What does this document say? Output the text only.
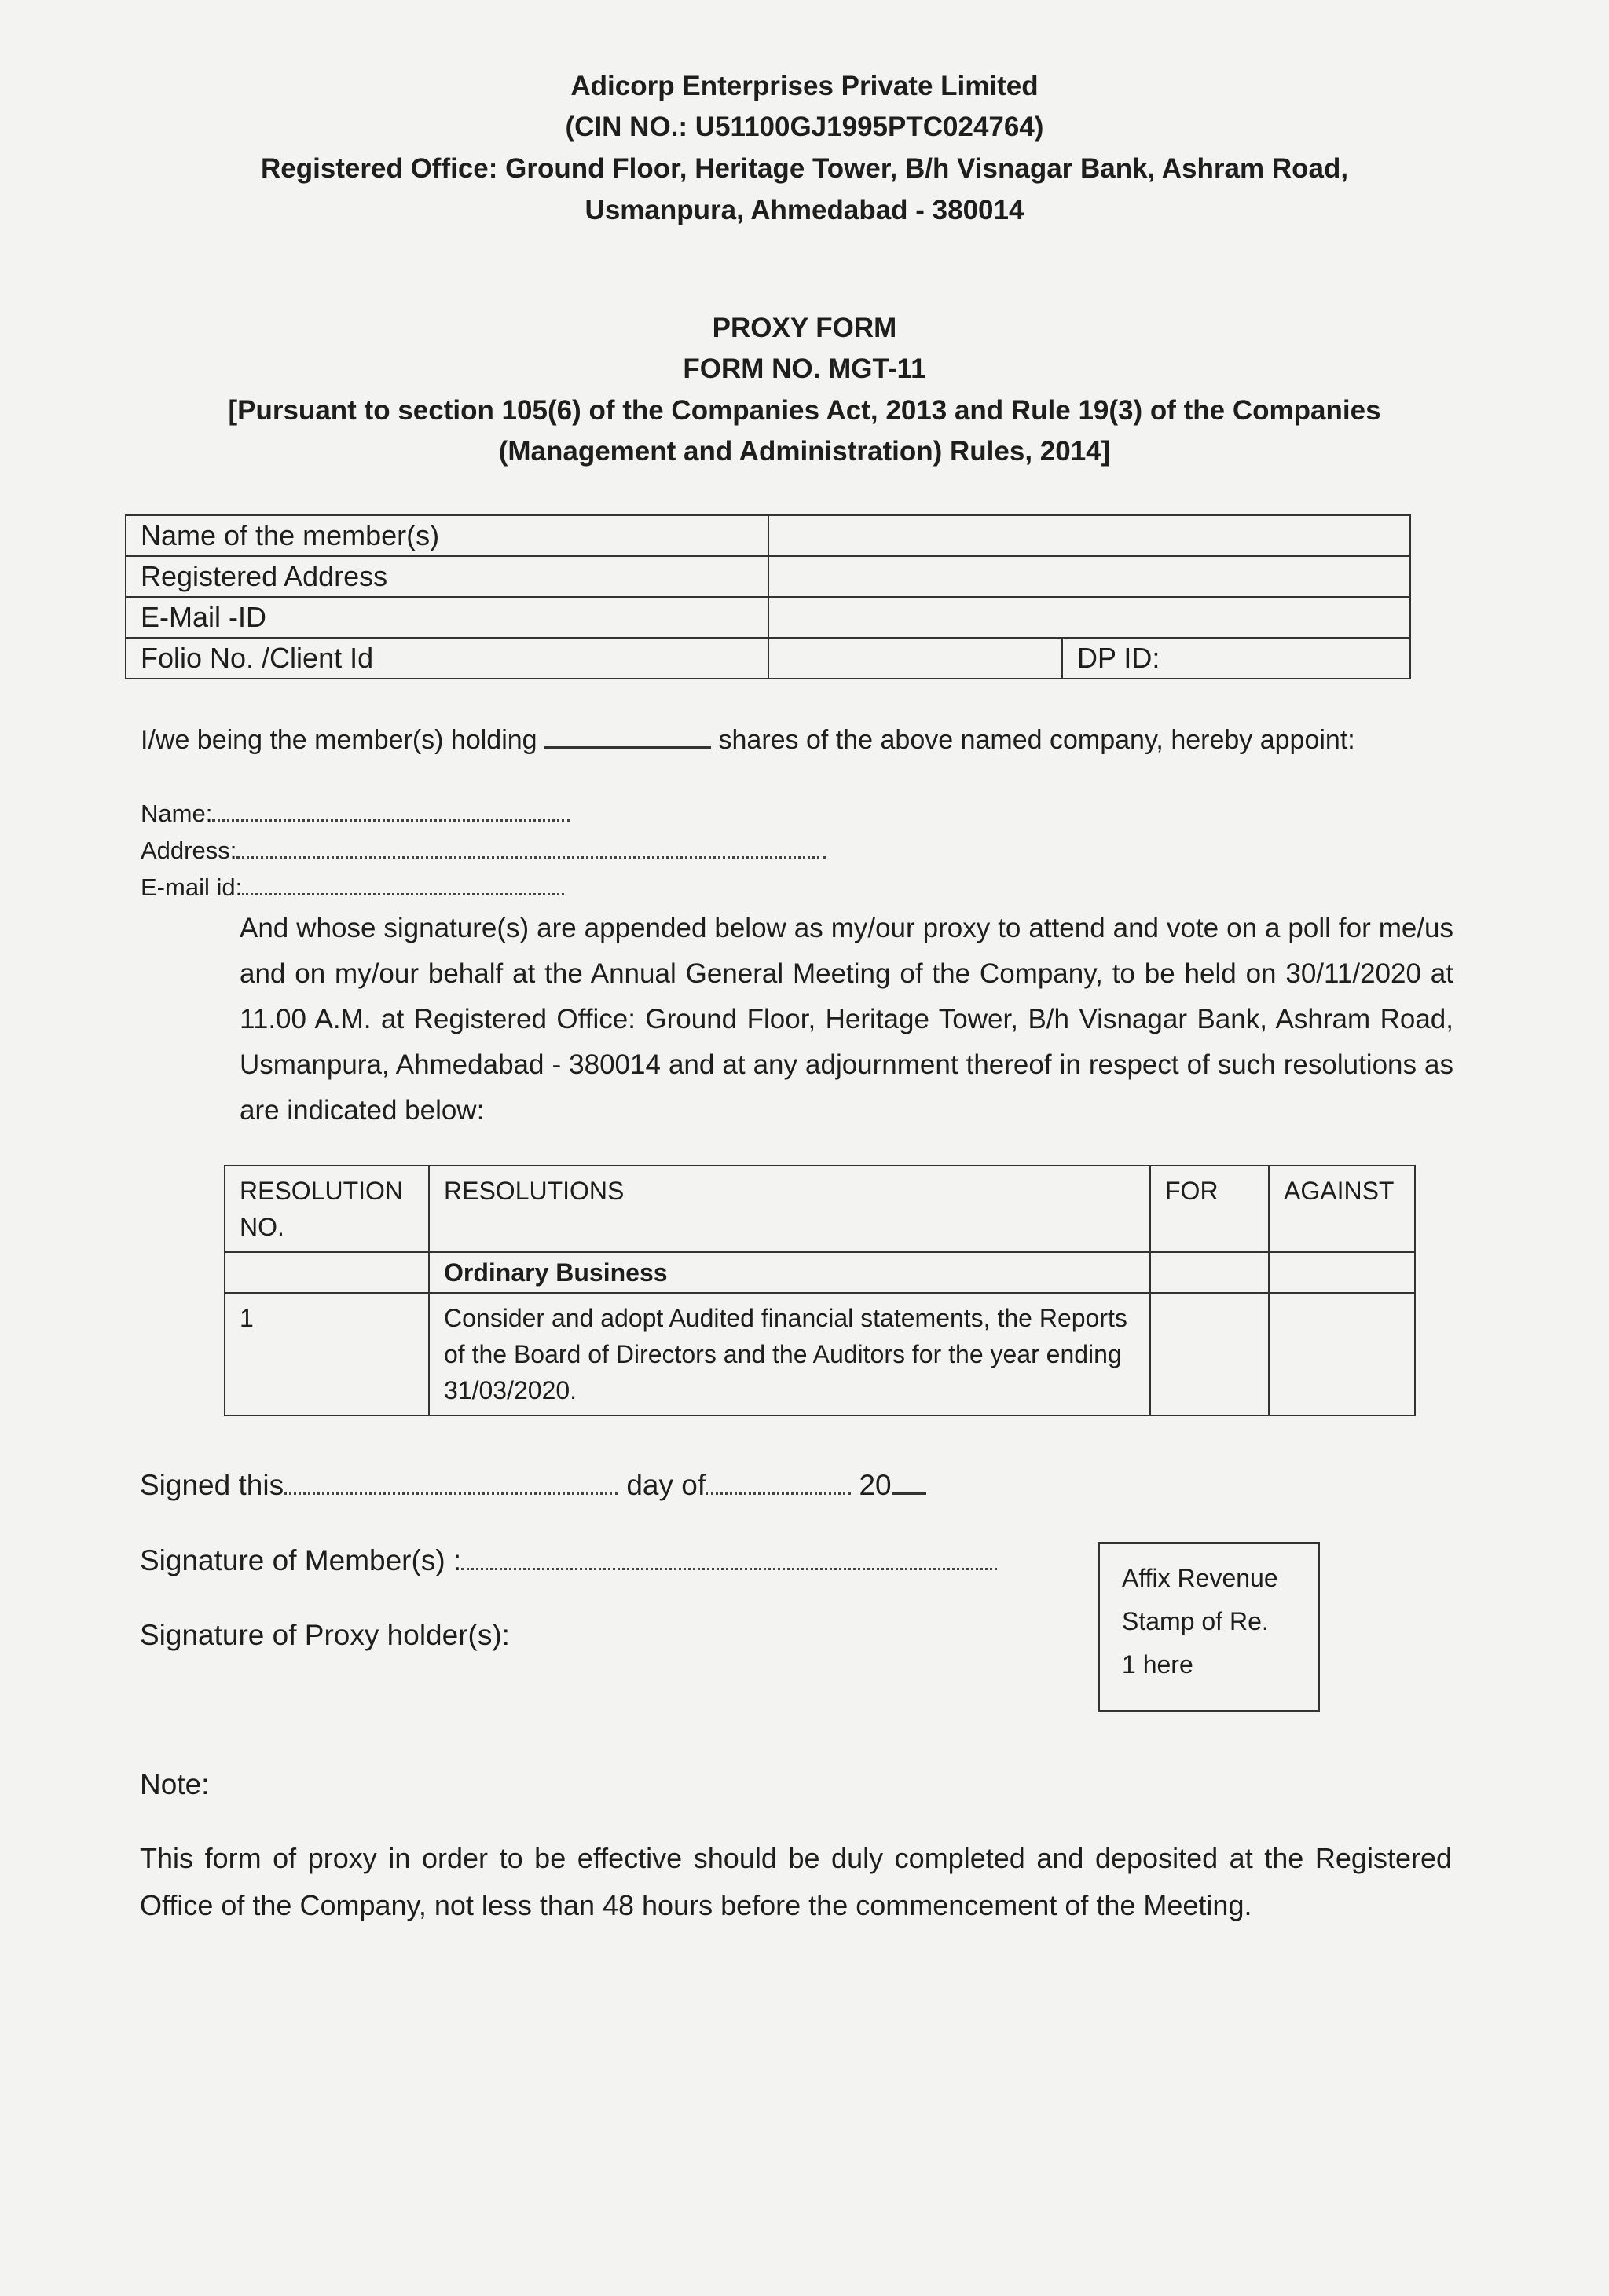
Adicorp Enterprises Private Limited
(CIN NO.: U51100GJ1995PTC024764)
Registered Office: Ground Floor, Heritage Tower, B/h Visnagar Bank, Ashram Road,
Usmanpura, Ahmedabad - 380014
PROXY FORM
FORM NO. MGT-11
[Pursuant to section 105(6) of the Companies Act, 2013 and Rule 19(3) of the Companies
(Management and Administration) Rules, 2014]
Name of the member(s)		
Registered Address		
E-Mail -ID		
Folio No. /Client Id		DP ID:
I/we being the member(s) holding	shares of the above named company, hereby appoint:
Name:
Address:
E-mail id:
And whose signature(s) are appended below as my/our proxy to attend and vote on a poll for me/us and on my/our behalf at the Annual General Meeting of the Company, to be held on 30/11/2020 at 11.00 A.M. at Registered Office: Ground Floor, Heritage Tower, B/h Visnagar Bank, Ashram Road, Usmanpura, Ahmedabad - 380014 and at any adjournment thereof in respect of such resolutions as are indicated below:
RESOLUTION NO.	RESOLUTIONS	FOR	AGAINST
	Ordinary Business		
1	Consider and adopt Audited financial statements, the Reports of the Board of Directors and the Auditors for the year ending 31/03/2020.		
Signed this	day of	20
Signature of Member(s) :
Signature of Proxy holder(s):
Affix Revenue
Stamp of Re.
1 here
Note:
This form of proxy in order to be effective should be duly completed and deposited at the Registered Office of the Company, not less than 48 hours before the commencement of the Meeting.
